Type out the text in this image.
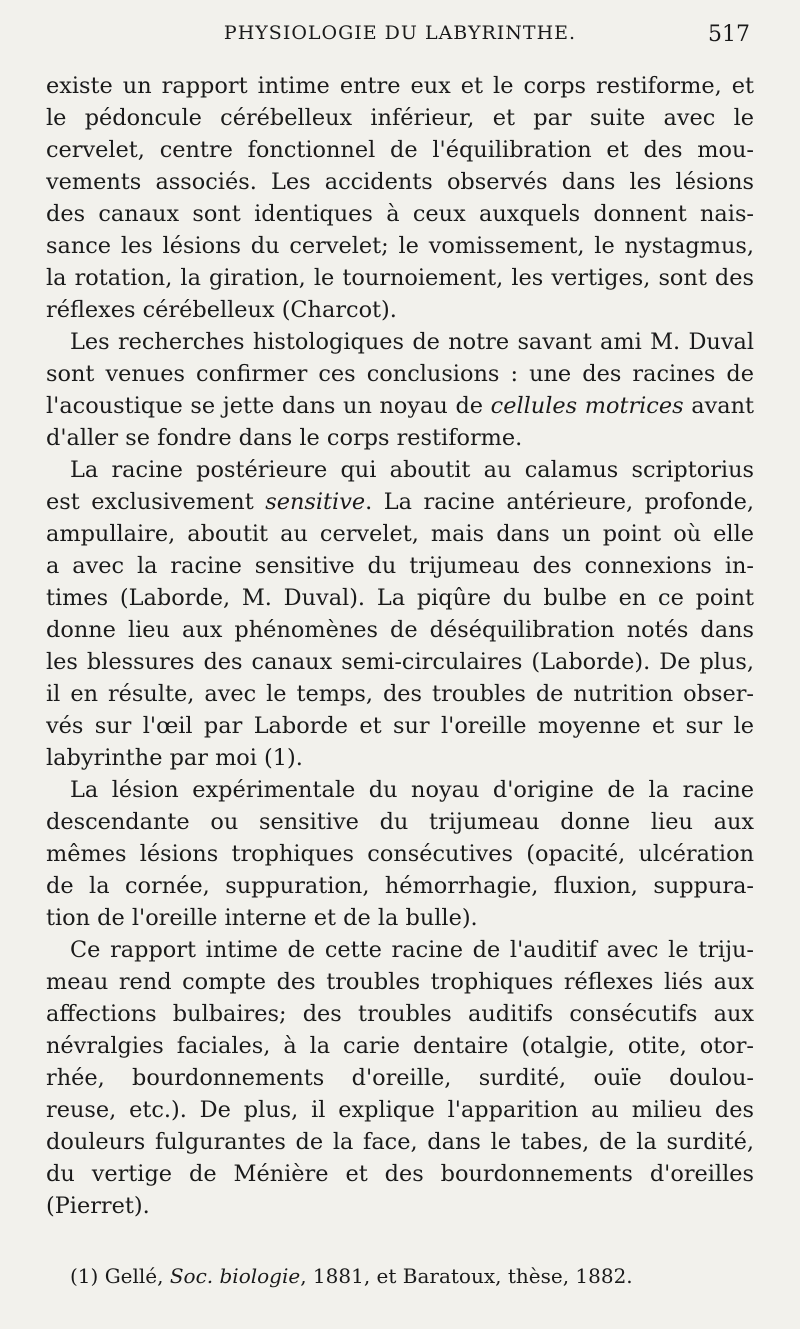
PHYSIOLOGIE DU LABYRINTHE.	517
existe un rapport intime entre eux et le corps restiforme, et
le pédoncule cérébelleux inférieur, et par suite avec le
cervelet, centre fonctionnel de l'équilibration et des mou-
vements associés. Les accidents observés dans les lésions
des canaux sont identiques à ceux auxquels donnent nais-
sance les lésions du cervelet; le vomissement, le nystagmus,
la rotation, la giration, le tournoiement, les vertiges, sont des
réflexes cérébelleux (Charcot).
Les recherches histologiques de notre savant ami M. Duval
sont venues confirmer ces conclusions : une des racines de
l'acoustique se jette dans un noyau de cellules motrices avant
d'aller se fondre dans le corps restiforme.
La racine postérieure qui aboutit au calamus scriptorius
est exclusivement sensitive. La racine antérieure, profonde,
ampullaire, aboutit au cervelet, mais dans un point où elle
a avec la racine sensitive du trijumeau des connexions in-
times (Laborde, M. Duval). La piqûre du bulbe en ce point
donne lieu aux phénomènes de déséquilibration notés dans
les blessures des canaux semi-circulaires (Laborde). De plus,
il en résulte, avec le temps, des troubles de nutrition obser-
vés sur l'œil par Laborde et sur l'oreille moyenne et sur le
labyrinthe par moi (1).
La lésion expérimentale du noyau d'origine de la racine
descendante ou sensitive du trijumeau donne lieu aux
mêmes lésions trophiques consécutives (opacité, ulcération
de la cornée, suppuration, hémorrhagie, fluxion, suppura-
tion de l'oreille interne et de la bulle).
Ce rapport intime de cette racine de l'auditif avec le triju-
meau rend compte des troubles trophiques réflexes liés aux
affections bulbaires; des troubles auditifs consécutifs aux
névralgies faciales, à la carie dentaire (otalgie, otite, otor-
rhée, bourdonnements d'oreille, surdité, ouïe doulou-
reuse, etc.). De plus, il explique l'apparition au milieu des
douleurs fulgurantes de la face, dans le tabes, de la surdité,
du vertige de Ménière et des bourdonnements d'oreilles
(Pierret).
(1) Gellé, Soc. biologie, 1881, et Baratoux, thèse, 1882.
